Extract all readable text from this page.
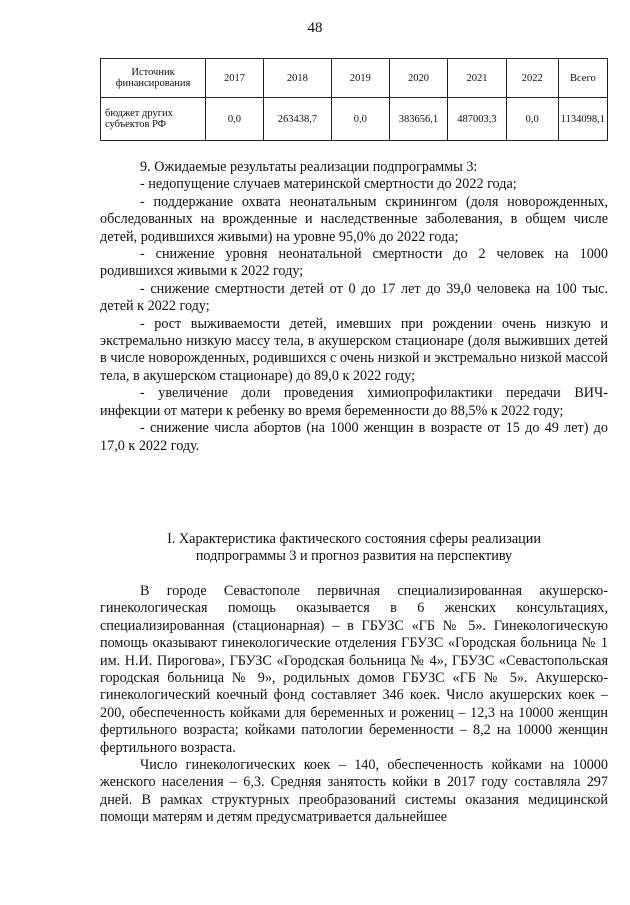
48
Источник финансирования	2017	2018	2019	2020	2021	2022	Всего
бюджет других субъектов РФ	0,0	263438,7	0,0	383656,1	487003,3	0,0	1134098,1

9. Ожидаемые результаты реализации подпрограммы 3:

- недопущение случаев материнской смертности до 2022 года;

- поддержание охвата неонатальным скринингом (доля новорожденных, обследованных на врожденные и наследственные заболевания, в общем числе детей, родившихся живыми) на уровне 95,0% до 2022 года;

- снижение уровня неонатальной смертности до 2 человек на 1000 родившихся живыми к 2022 году;

- снижение смертности детей от 0 до 17 лет до 39,0 человека на 100 тыс. детей к 2022 году;

- рост выживаемости детей, имевших при рождении очень низкую и экстремально низкую массу тела, в акушерском стационаре (доля выживших детей в числе новорожденных, родившихся с очень низкой и экстремально низкой массой тела, в акушерском стационаре) до 89,0 к 2022 году;

- увеличение доли проведения химиопрофилактики передачи ВИЧ-инфекции от матери к ребенку во время беременности до 88,5% к 2022 году;

- снижение числа абортов (на 1000 женщин в возрасте от 15 до 49 лет) до 17,0 к 2022 году.

I. Характеристика фактического состояния сферы реализации
подпрограммы 3 и прогноз развития на перспективу

В городе Севастополе первичная специализированная акушерско-гинекологическая помощь оказывается в 6 женских консультациях, специализированная (стационарная) – в ГБУЗС «ГБ № 5». Гинекологическую помощь оказывают гинекологические отделения ГБУЗС «Городская больница № 1 им. Н.И. Пирогова», ГБУЗС «Городская больница № 4», ГБУЗС «Севастопольская городская больница № 9», родильных домов ГБУЗС «ГБ № 5». Акушерско-гинекологический коечный фонд составляет 346 коек. Число акушерских коек – 200, обеспеченность койками для беременных и рожениц – 12,3 на 10000 женщин фертильного возраста; койками патологии беременности – 8,2 на 10000 женщин фертильного возраста.

Число гинекологических коек – 140, обеспеченность койками на 10000 женского населения – 6,3. Средняя занятость койки в 2017 году составляла 297 дней. В рамках структурных преобразований системы оказания медицинской помощи матерям и детям предусматривается дальнейшее
